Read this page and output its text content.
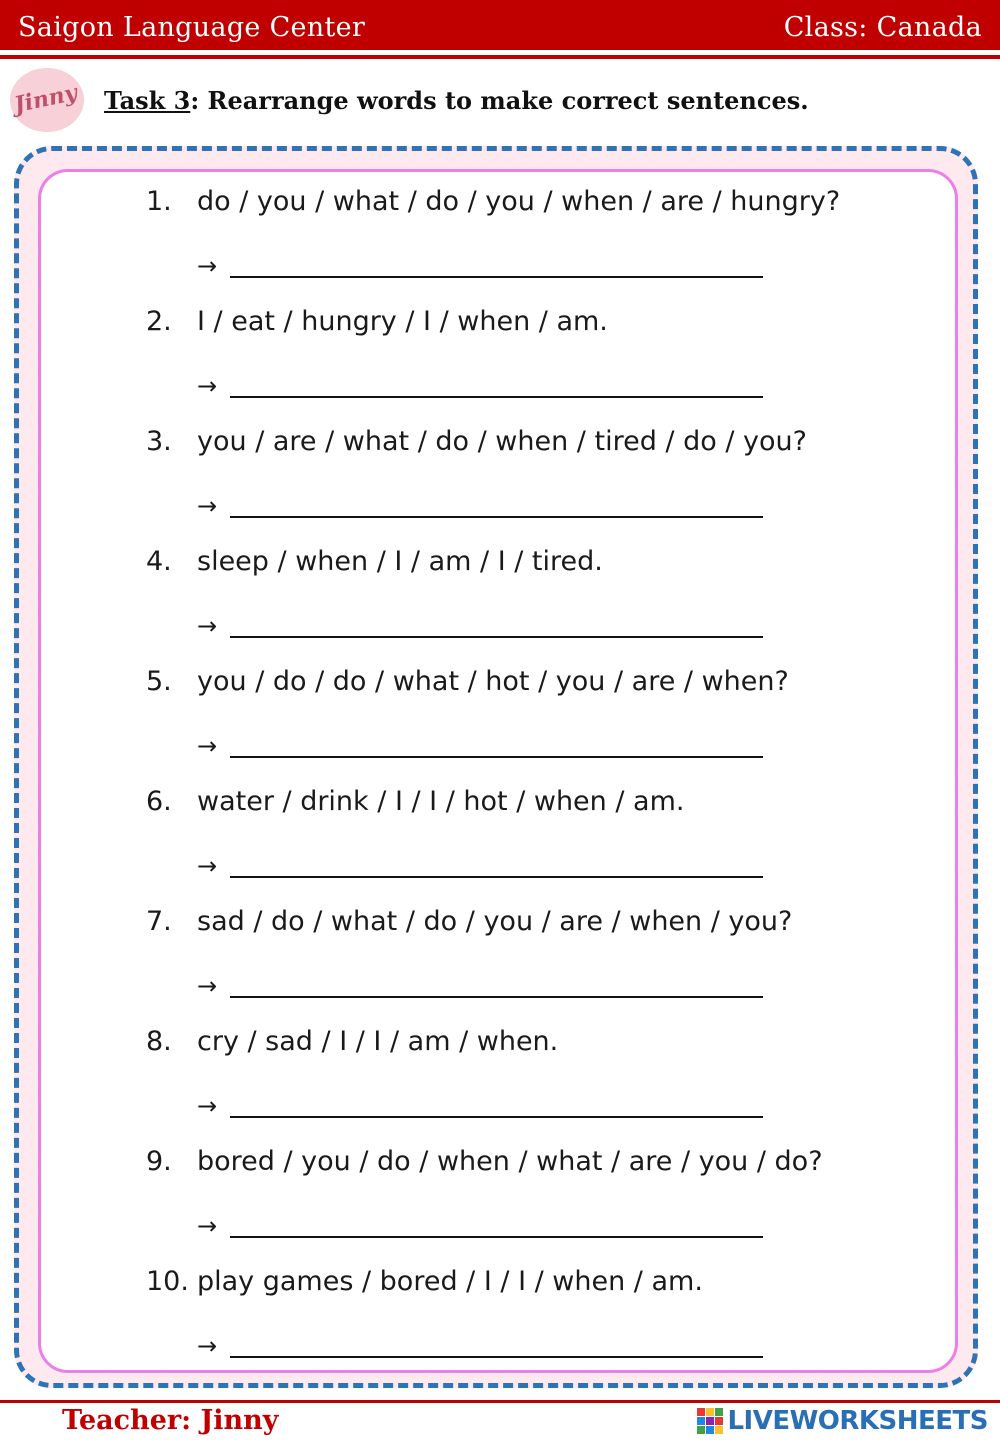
Saigon Language Center	Class: Canada
Jinny Task 3: Rearrange words to make correct sentences.
1. do / you / what / do / you / when / are / hungry?
→
2. I / eat / hungry / I / when / am.
→
3. you / are / what / do / when / tired / do / you?
→
4. sleep / when / I / am / I / tired.
→
5. you / do / do / what / hot / you / are / when?
→
6. water / drink / I / I / hot / when / am.
→
7. sad / do / what / do / you / are / when / you?
→
8. cry / sad / I / I / am / when.
→
9. bored / you / do / when / what / are / you / do?
→
10. play games / bored / I / I / when / am.
→
Teacher: Jinny	LIVEWORKSHEETS
